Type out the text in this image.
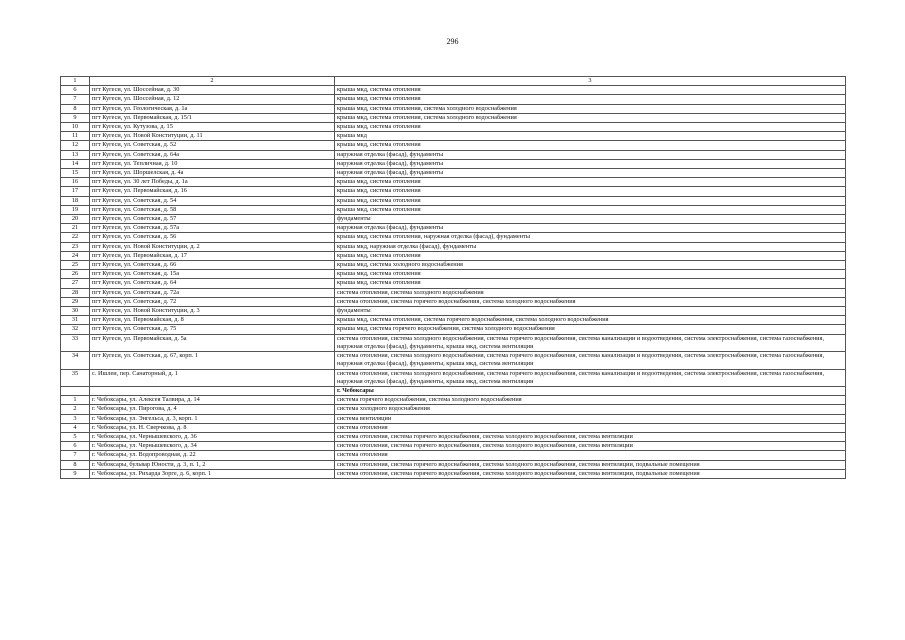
296
1	2	3
6	пгт Кугеси, ул. Шоссейная, д. 30	крыша мкд, система отопления
7	пгт Кугеси, ул. Шоссейная, д. 12	крыша мкд, система отопления
8	пгт Кугеси, ул. Геологическая, д. 1а	крыша мкд, система отопления, система холодного водоснабжения
9	пгт Кугеси, ул. Первомайская, д. 15/1	крыша мкд, система отопления, система холодного водоснабжения
10	пгт Кугеси, ул. Кутузова, д. 15	крыша мкд, система отопления
11	пгт Кугеси, ул. Новой Конституции, д. 11	крыша мкд
12	пгт Кугеси, ул. Советская, д. 52	крыша мкд, система отопления
13	пгт Кугеси, ул. Советская, д. 64а	наружная отделка (фасад), фундаменты
14	пгт Кугеси, ул. Тепличная, д. 10	наружная отделка (фасад), фундаменты
15	пгт Кугеси, ул. Шоршелская, д. 4а	наружная отделка (фасад), фундаменты
16	пгт Кугеси, ул. 30 лет Победы, д. 1а	крыша мкд, система отопления
17	пгт Кугеси, ул. Первомайская, д. 16	крыша мкд, система отопления
18	пгт Кугеси, ул. Советская, д. 54	крыша мкд, система отопления
19	пгт Кугеси, ул. Советская, д. 58	крыша мкд, система отопления
20	пгт Кугеси, ул. Советская, д. 57	фундаменты
21	пгт Кугеси, ул. Советская, д. 57а	наружная отделка (фасад), фундаменты
22	пгт Кугеси, ул. Советская, д. 56	крыша мкд, система отопления, наружная отделка (фасад), фундаменты
23	пгт Кугеси, ул. Новой Конституции, д. 2	крыша мкд, наружная отделка (фасад), фундаменты
24	пгт Кугеси, ул. Первомайская, д. 17	крыша мкд, система отопления
25	пгт Кугеси, ул. Советская, д. 66	крыша мкд, система холодного водоснабжения
26	пгт Кугеси, ул. Советская, д. 15а	крыша мкд, система отопления
27	пгт Кугеси, ул. Советская, д. 64	крыша мкд, система отопления
28	пгт Кугеси, ул. Советская, д. 72а	система отопления, система холодного водоснабжения
29	пгт Кугеси, ул. Советская, д. 72	система отопления, система горячего водоснабжения, система холодного водоснабжения
30	пгт Кугеси, ул. Новой Конституции, д. 3	фундаменты
31	пгт Кугеси, ул. Первомайская, д. 8	крыша мкд, система отопления, система горячего водоснабжения, система холодного водоснабжения
32	пгт Кугеси, ул. Советская, д. 75	крыша мкд, система горячего водоснабжения, система холодного водоснабжения
33	пгт Кугеси, ул. Первомайская, д. 5а	система отопления, система холодного водоснабжения, система горячего водоснабжения, система канализации и водоотведения, система электроснабжения, система газоснабжения, наружная отделка (фасад), фундаменты, крыша мкд, система вентиляции
34	пгт Кугеси, ул. Советская, д. 67, корп. 1	система отопления, система холодного водоснабжения, система горячего водоснабжения, система канализации и водоотведения, система электроснабжения, система газоснабжения, наружная отделка (фасад), фундаменты, крыша мкд, система вентиляции
35	с. Ишлеи, пер. Санаторный, д. 1	система отопления, система холодного водоснабжения, система горячего водоснабжения, система канализации и водоотведения, система электроснабжения, система газоснабжения, наружная отделка (фасад), фундаменты, крыша мкд, система вентиляции
		г. Чебоксары
1	г. Чебоксары, ул. Алексея Талвира, д. 14	система горячего водоснабжения, система холодного водоснабжения
2	г. Чебоксары, ул. Пирогова, д. 4	система холодного водоснабжения
3	г. Чебоксары, ул. Энгельса, д. 3, корп. 1	система вентиляции
4	г. Чебоксары, ул. Н. Сверчкова, д. 8	система отопления
5	г. Чебоксары, ул. Чернышевского, д. 36	система отопления, система горячего водоснабжения, система холодного водоснабжения, система вентиляции
6	г. Чебоксары, ул. Чернышевского, д. 34	система отопления, система горячего водоснабжения, система холодного водоснабжения, система вентиляции
7	г. Чебоксары, ул. Водопроводная, д. 22	система отопления
8	г. Чебоксары, бульвар Юности, д. 3, п. 1, 2	система отопления, система горячего водоснабжения, система холодного водоснабжения, система вентиляции, подвальные помещения
9	г. Чебоксары, ул. Рихарда Зорге, д. 6, корп. 1	система отопления, система горячего водоснабжения, система холодного водоснабжения, система вентиляции, подвальные помещения
